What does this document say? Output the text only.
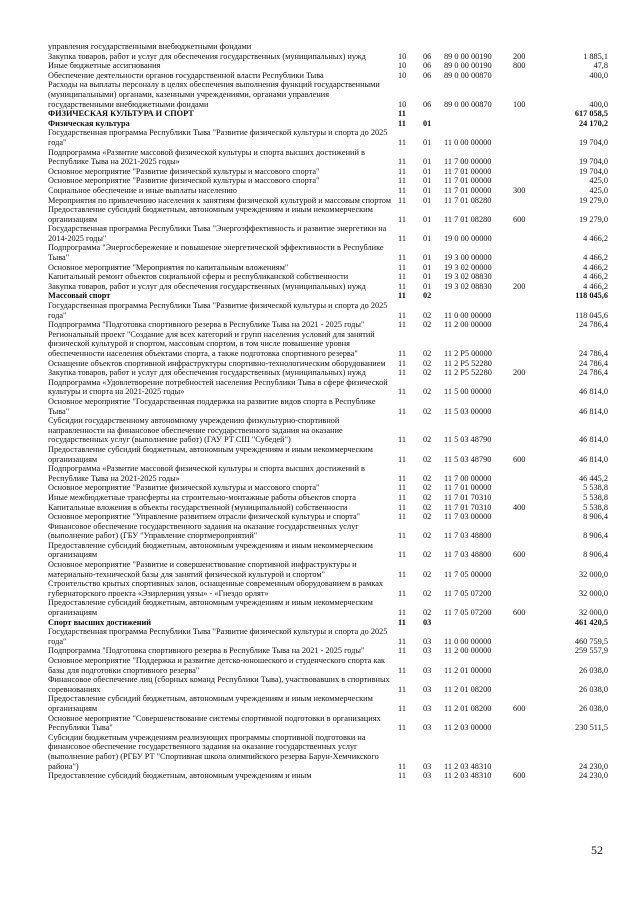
управления государственными внебюджетными фондами
Закупка товаров, работ и услуг для обеспечения государственных (муниципальных) нужд	10	06	89 0 00 00190	200	1 885,1
Иные бюджетные ассигнования	10	06	89 0 00 00190	800	47,8
Обеспечение деятельности органов государственной власти Республики Тыва	10	06	89 0 00 00870	400,0
Расходы на выплаты персоналу в целях обеспечения выполнения функций государственными (муниципальными) органами, казенными учреждениями, органами управления государственными внебюджетными фондами	10	06	89 0 00 00870	100	400,0
ФИЗИЧЕСКАЯ КУЛЬТУРА И СПОРТ	11	617 058,5
Физическая культура	11	01	24 170,2
Государственная программа Республики Тыва "Развитие физической культуры и спорта до 2025 года"	11	01	11 0 00 00000	19 704,0
Подпрограмма «Развитие массовой физической культуры и спорта высших достижений в Республике Тыва на 2021-2025 годы»	11	01	11 7 00 00000	19 704,0
Основное мероприятие "Развитие физической культуры и массового спорта"	11	01	11 7 01 00000	19 704,0
Основное мероприятие "Развитие физической культуры и массового спорта"	11	01	11 7 01 00000	425,0
Социальное обеспечение и иные выплаты населению	11	01	11 7 01 00000	300	425,0
Мероприятия по привлечению населения к занятиям физической культурой и массовым спортом 11	01	11 7 01 08280	19 279,0
Предоставление субсидий бюджетным, автономным учреждениям и иным некоммерческим организациям	11	01	11 7 01 08280	600	19 279,0
Государственная программа Республики Тыва "Энергоэффективность и развитие энергетики на 2014-2025 годы"	11	01	19 0 00 00000	4 466,2
Подпрограмма "Энергосбережение и повышение энергетической эффективности в Республике Тыва"	11	01	19 3 00 00000	4 466,2
Основное мероприятие "Мероприятия по капитальным вложениям"	11	01	19 3 02 00000	4 466,2
Капитальный ремонт объектов социальной сферы и республиканской собственности	11	01	19 3 02 08830	4 466,2
Закупка товаров, работ и услуг для обеспечения государственных (муниципальных) нужд	11	01	19 3 02 08830	200	4 466,2
Массовый спорт	11	02	118 045,6
Государственная программа Республики Тыва "Развитие физической культуры и спорта до 2025 года"	11	02	11 0 00 00000	118 045,6
Подпрограмма "Подготовка спортивного резерва в Республике Тыва на 2021 - 2025 годы"	11	02	11 2 00 00000	24 786,4
Региональный проект "Создание для всех категорий и групп населения условий для занятий физической культурой и спортом, массовым спортом, в том числе повышение уровня обеспеченности населения объектами спорта, а также подготовка спортивного резерва"	11	02	11 2 P5 00000	24 786,4
Оснащение объектов спортивной инфраструктуры спортивно-технологическим оборудованием	11	02	11 2 P5 52280	24 786,4
Закупка товаров, работ и услуг для обеспечения государственных (муниципальных) нужд	11	02	11 2 P5 52280	200	24 786,4
Подпрограмма «Удовлетворение потребностей населения Республики Тыва в сфере физической культуры и спорта на 2021-2025 годы»	11	02	11 5 00 00000	46 814,0
Основное мероприятие "Государственная поддержка на развитие видов спорта в Республике Тыва"	11	02	11 5 03 00000	46 814,0
Субсидии государственному автономному учреждению физкультурно-спортивной направленности на финансовое обеспечение государственного задания на оказание государственных услуг (выполнение работ) (ГАУ РТ СШ "Субедей")	11	02	11 5 03 48790	46 814,0
Предоставление субсидий бюджетным, автономным учреждениям и иным некоммерческим организациям	11	02	11 5 03 48790	600	46 814,0
Подпрограмма «Развитие массовой физической культуры и спорта высших достижений в Республике Тыва на 2021-2025 годы»	11	02	11 7 00 00000	46 445,2
Основное мероприятие "Развитие физической культуры и массового спорта"	11	02	11 7 01 00000	5 538,8
Иные межбюджетные трансферты на строительно-монтажные работы объектов спорта	11	02	11 7 01 70310	5 538,8
Капитальные вложения в объекты государственной (муниципальной) собственности	11	02	11 7 01 70310	400	5 538,8
Основное мероприятие "Управление развитием отрасли физической культуры и спорта"	11	02	11 7 03 00000	8 906,4
Финансовое обеспечение государственного задания на оказание государственных услуг (выполнение работ) (ГБУ "Управление спортмероприятий"	11	02	11 7 03 48800	8 906,4
Предоставление субсидий бюджетным, автономным учреждениям и иным некоммерческим организациям	11	02	11 7 03 48800	600	8 906,4
Основное мероприятие "Развитие и совершенствование спортивной инфраструктуры и материально-технической базы для занятий физической культурой и спортом"	11	02	11 7 05 00000	32 000,0
Строительство крытых спортивных залов, оснащенные современным оборудованием в рамках губернаторского проекта «Эзирлерниң уязы» - «Гнездо орлят»	11	02	11 7 05 07200	32 000,0
Предоставление субсидий бюджетным, автономным учреждениям и иным некоммерческим организациям	11	02	11 7 05 07200	600	32 000,0
Спорт высших достижений	11	03	461 420,5
Государственная программа Республики Тыва "Развитие физической культуры и спорта до 2025 года"	11	03	11 0 00 00000	460 759,5
Подпрограмма "Подготовка спортивного резерва в Республике Тыва на 2021 - 2025 годы"	11	03	11 2 00 00000	259 557,9
Основное мероприятие "Поддержка и развитие детско-юношеского и студенческого спорта как базы для подготовки спортивного резерва"	11	03	11 2 01 00000	26 038,0
Финансовое обеспечение лиц (сборных команд Республики Тыва), участвовавших в спортивных соревнованиях	11	03	11 2 01 08200	26 038,0
Предоставление субсидий бюджетным, автономным учреждениям и иным некоммерческим организациям	11	03	11 2 01 08200	600	26 038,0
Основное мероприятие "Совершенствование системы спортивной подготовки в организациях Республики Тыва"	11	03	11 2 03 00000	230 511,5
Субсидии бюджетным учреждениям реализующих программы спортивной подготовки на финансовое обеспечение государственного задания на оказание государственных услуг (выполнение работ) (РГБУ РТ "Спортивная школа олимпийского резерва Барун-Хемчикского района")	11	03	11 2 03 48310	24 230,0
Предоставление субсидий бюджетным, автономным учреждениям и иным	11	03	11 2 03 48310	600	24 230,0
52
